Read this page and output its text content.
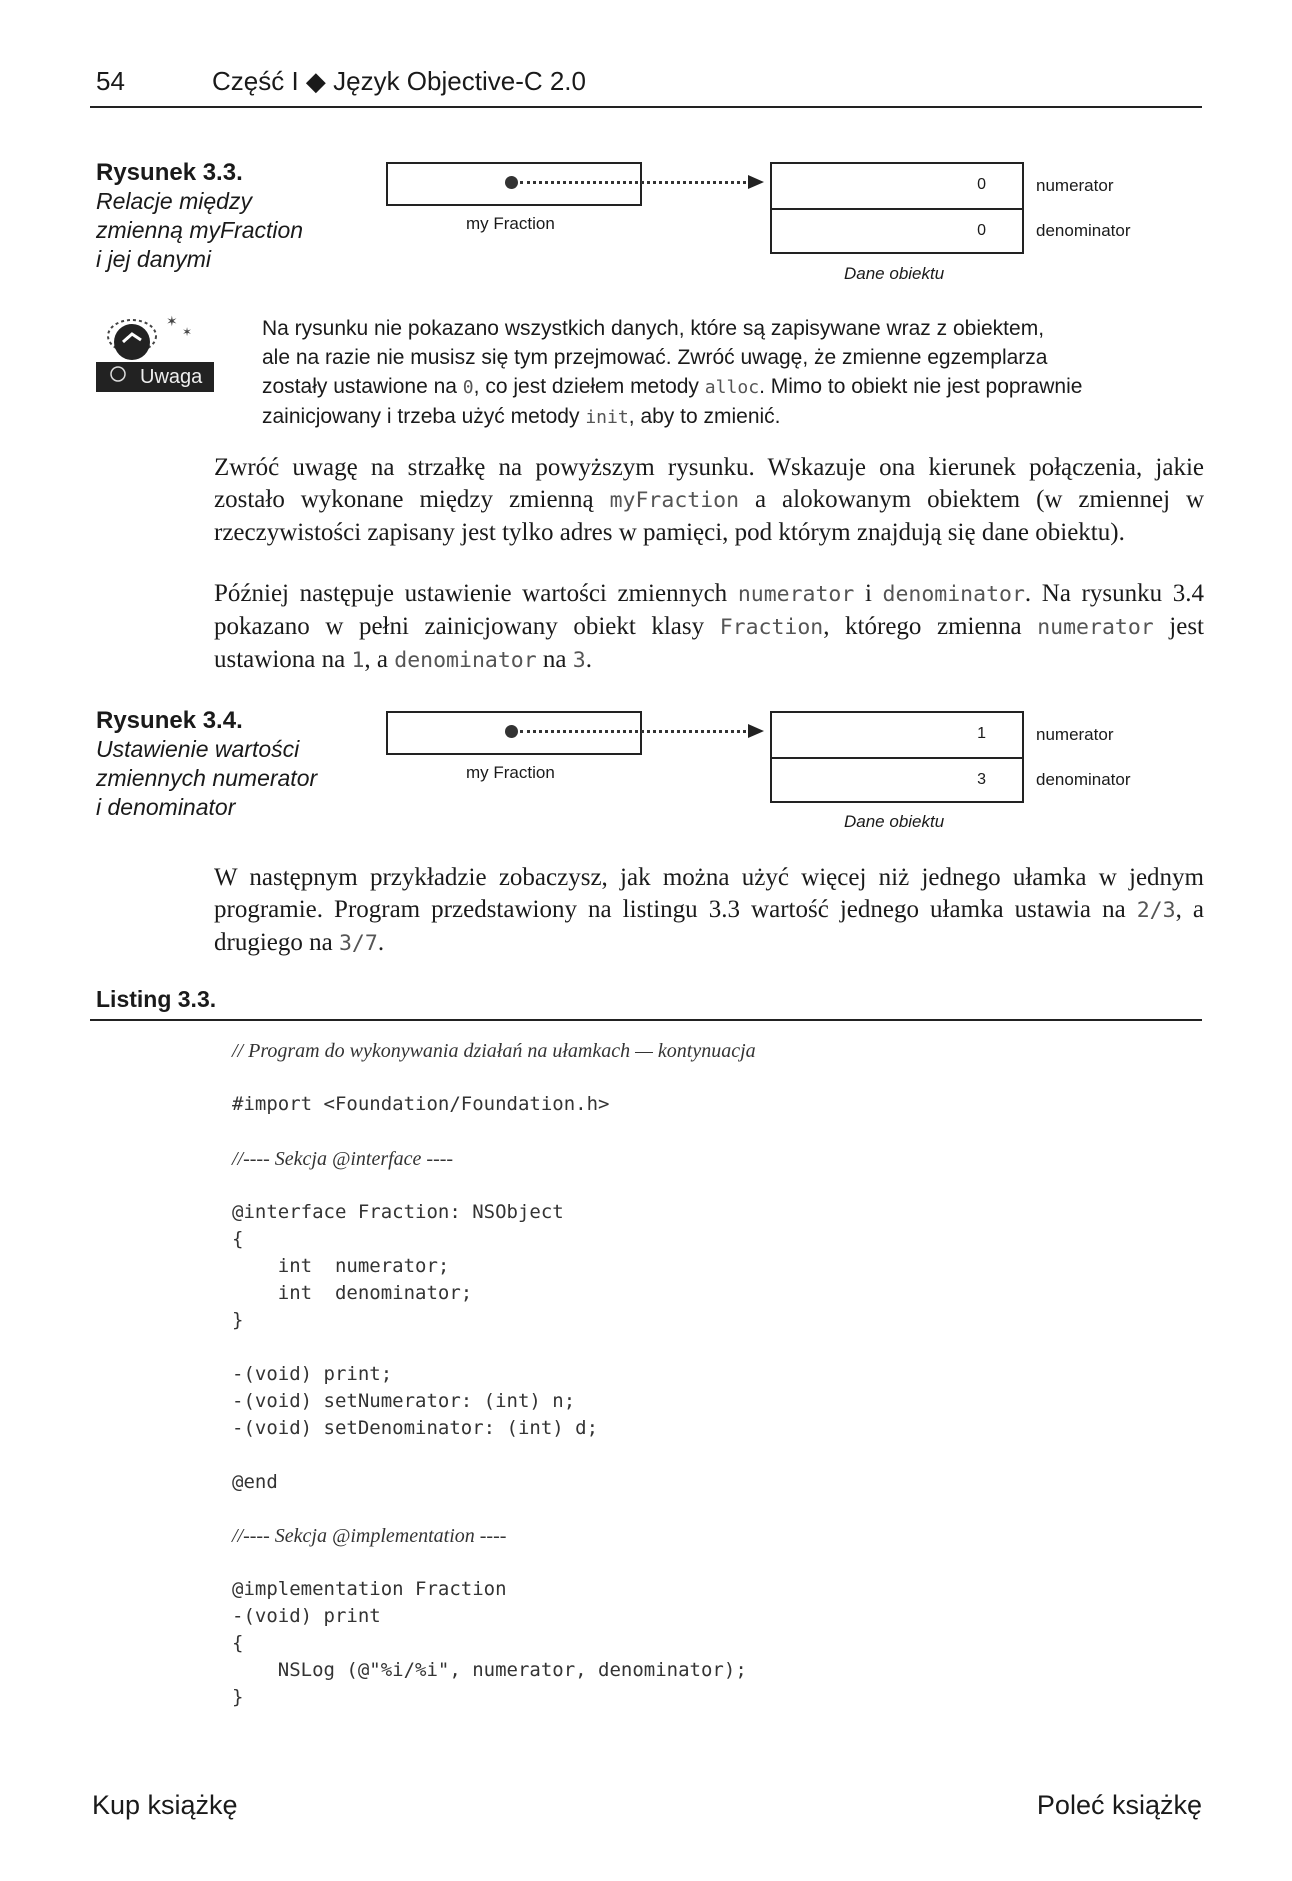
54	Część I ◆ Język Objective-C 2.0
Rysunek 3.3.
Relacje między
zmienną myFraction
i jej danymi
my Fraction
0
0
numerator
denominator
Dane obiektu
✶
✶
Uwaga
Na rysunku nie pokazano wszystkich danych, które są zapisywane wraz z obiektem,
ale na razie nie musisz się tym przejmować. Zwróć uwagę, że zmienne egzemplarza
zostały ustawione na 0, co jest dziełem metody alloc. Mimo to obiekt nie jest poprawnie
zainicjowany i trzeba użyć metody init, aby to zmienić.
Zwróć uwagę na strzałkę na powyższym rysunku. Wskazuje ona kierunek połączenia, jakie zostało wykonane między zmienną myFraction a alokowanym obiektem (w zmiennej w rzeczywistości zapisany jest tylko adres w pamięci, pod którym znajdują się dane obiektu).
Później następuje ustawienie wartości zmiennych numerator i denominator. Na rysunku 3.4 pokazano w pełni zainicjowany obiekt klasy Fraction, którego zmienna numerator jest ustawiona na 1, a denominator na 3.
Rysunek 3.4.
Ustawienie wartości
zmiennych numerator
i denominator
my Fraction
1
3
numerator
denominator
Dane obiektu
W następnym przykładzie zobaczysz, jak można użyć więcej niż jednego ułamka w jednym programie. Program przedstawiony na listingu 3.3 wartość jednego ułamka ustawia na 2/3, a drugiego na 3/7.
Listing 3.3.
// Program do wykonywania działań na ułamkach — kontynuacja
#import <Foundation/Foundation.h>
//---- Sekcja @interface ----
@interface Fraction: NSObject
{
int  numerator;
int  denominator;
}
-(void) print;
-(void) setNumerator: (int) n;
-(void) setDenominator: (int) d;
@end
//---- Sekcja @implementation ----
@implementation Fraction
-(void) print
{
NSLog (@"%i/%i", numerator, denominator);
}
Kup książkę	Poleć książkę
